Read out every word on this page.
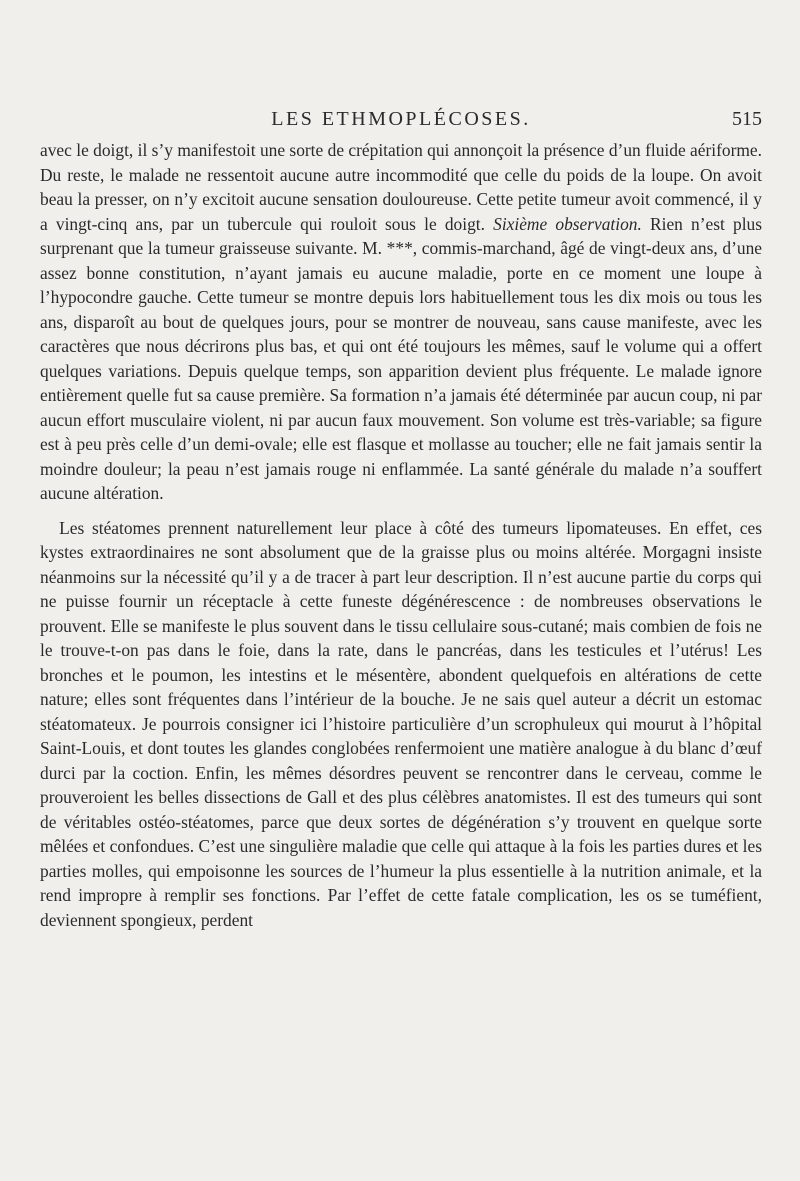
LES ETHMOPLÉCOSES.	515

avec le doigt, il s’y manifestoit une sorte de crépitation qui annonçoit la présence d’un fluide aériforme. Du reste, le malade ne ressentoit aucune autre incommodité que celle du poids de la loupe. On avoit beau la presser, on n’y excitoit aucune sensation douloureuse. Cette petite tumeur avoit commencé, il y a vingt-cinq ans, par un tubercule qui rouloit sous le doigt. Sixième observation. Rien n’est plus surprenant que la tumeur graisseuse suivante. M. ***, commis-marchand, âgé de vingt-deux ans, d’une assez bonne constitution, n’ayant jamais eu aucune maladie, porte en ce moment une loupe à l’hypocondre gauche. Cette tumeur se montre depuis lors habituellement tous les dix mois ou tous les ans, disparoît au bout de quelques jours, pour se montrer de nouveau, sans cause manifeste, avec les caractères que nous décrirons plus bas, et qui ont été toujours les mêmes, sauf le volume qui a offert quelques variations. Depuis quelque temps, son apparition devient plus fréquente. Le malade ignore entièrement quelle fut sa cause première. Sa formation n’a jamais été déterminée par aucun coup, ni par aucun effort musculaire violent, ni par aucun faux mouvement. Son volume est très-variable; sa figure est à peu près celle d’un demi-ovale; elle est flasque et mollasse au toucher; elle ne fait jamais sentir la moindre douleur; la peau n’est jamais rouge ni enflammée. La santé générale du malade n’a souffert aucune altération.

Les stéatomes prennent naturellement leur place à côté des tumeurs lipomateuses. En effet, ces kystes extraordinaires ne sont absolument que de la graisse plus ou moins altérée. Morgagni insiste néanmoins sur la nécessité qu’il y a de tracer à part leur description. Il n’est aucune partie du corps qui ne puisse fournir un réceptacle à cette funeste dégénérescence : de nombreuses observations le prouvent. Elle se manifeste le plus souvent dans le tissu cellulaire sous-cutané; mais combien de fois ne le trouve-t-on pas dans le foie, dans la rate, dans le pancréas, dans les testicules et l’utérus! Les bronches et le poumon, les intestins et le mésentère, abondent quelquefois en altérations de cette nature; elles sont fréquentes dans l’intérieur de la bouche. Je ne sais quel auteur a décrit un estomac stéatomateux. Je pourrois consigner ici l’histoire particulière d’un scrophuleux qui mourut à l’hôpital Saint-Louis, et dont toutes les glandes conglobées renfermoient une matière analogue à du blanc d’œuf durci par la coction. Enfin, les mêmes désordres peuvent se rencontrer dans le cerveau, comme le prouveroient les belles dissections de Gall et des plus célèbres anatomistes. Il est des tumeurs qui sont de véritables ostéo-stéatomes, parce que deux sortes de dégénération s’y trouvent en quelque sorte mêlées et confondues. C’est une singulière maladie que celle qui attaque à la fois les parties dures et les parties molles, qui empoisonne les sources de l’humeur la plus essentielle à la nutrition animale, et la rend impropre à remplir ses fonctions. Par l’effet de cette fatale complication, les os se tuméfient, deviennent spongieux, perdent
